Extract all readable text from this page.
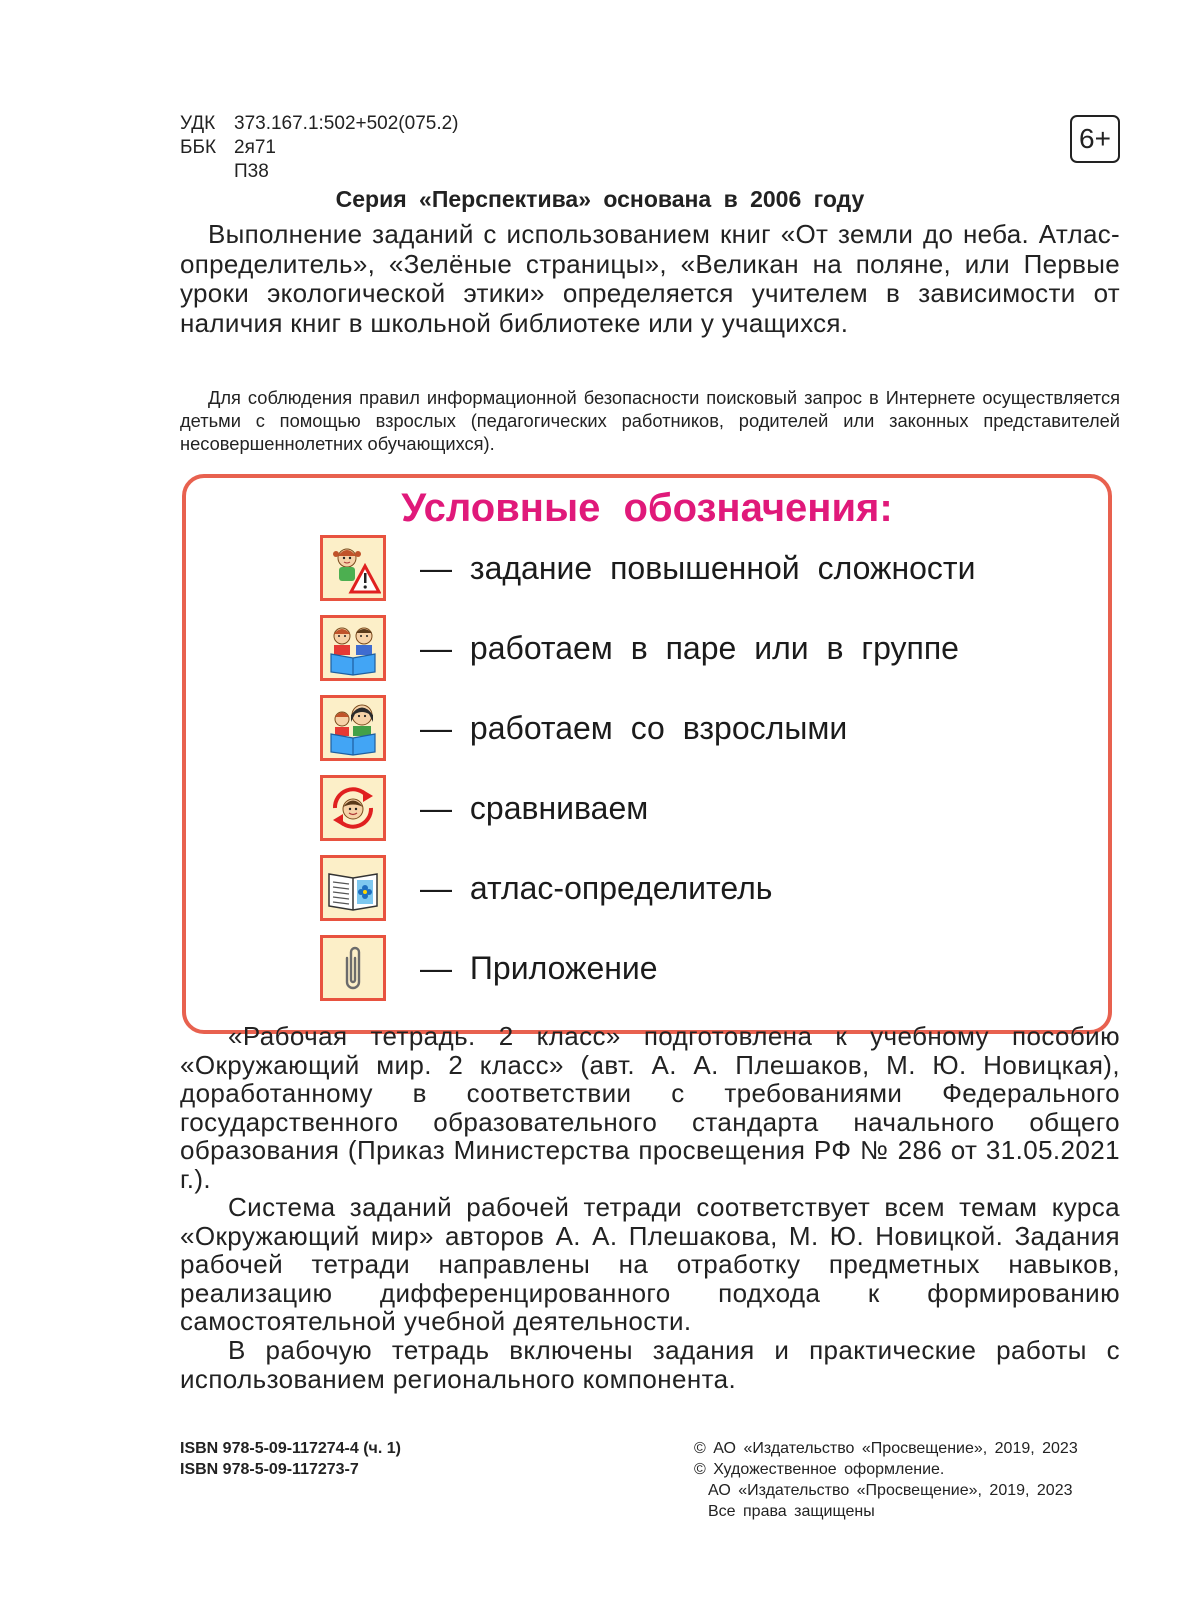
УДК 373.167.1:502+502(075.2)
ББК 2я71
П38
6+
Серия «Перспектива» основана в 2006 году

Выполнение заданий с использованием книг «От земли до неба. Атлас-определитель», «Зелёные страницы», «Великан на поляне, или Первые уроки экологической этики» определяется учителем в зависимости от наличия книг в школьной библиотеке или у учащихся.

Для соблюдения правил информационной безопасности поисковый запрос в Интернете осуществляется детьми с помощью взрослых (педагогических работников, родителей или законных представителей несовершеннолетних обучающихся).

Условные обозначения:
— задание повышенной сложности
— работаем в паре или в группе
— работаем со взрослыми
— сравниваем
— атлас-определитель
— Приложение

«Рабочая тетрадь. 2 класс» подготовлена к учебному пособию «Окружающий мир. 2 класс» (авт. А. А. Плешаков, М. Ю. Новицкая), доработанному в соответствии с требованиями Федерального государственного образовательного стандарта начального общего образования (Приказ Министерства просвещения РФ № 286 от 31.05.2021 г.).

Система заданий рабочей тетради соответствует всем темам курса «Окружающий мир» авторов А. А. Плешакова, М. Ю. Новицкой. Задания рабочей тетради направлены на отработку предметных навыков, реализацию дифференцированного подхода к формированию самостоятельной учебной деятельности.

В рабочую тетрадь включены задания и практические работы с использованием регионального компонента.

ISBN 978-5-09-117274-4 (ч. 1)
ISBN 978-5-09-117273-7
© АО «Издательство «Просвещение», 2019, 2023
© Художественное оформление.
АО «Издательство «Просвещение», 2019, 2023
Все права защищены
